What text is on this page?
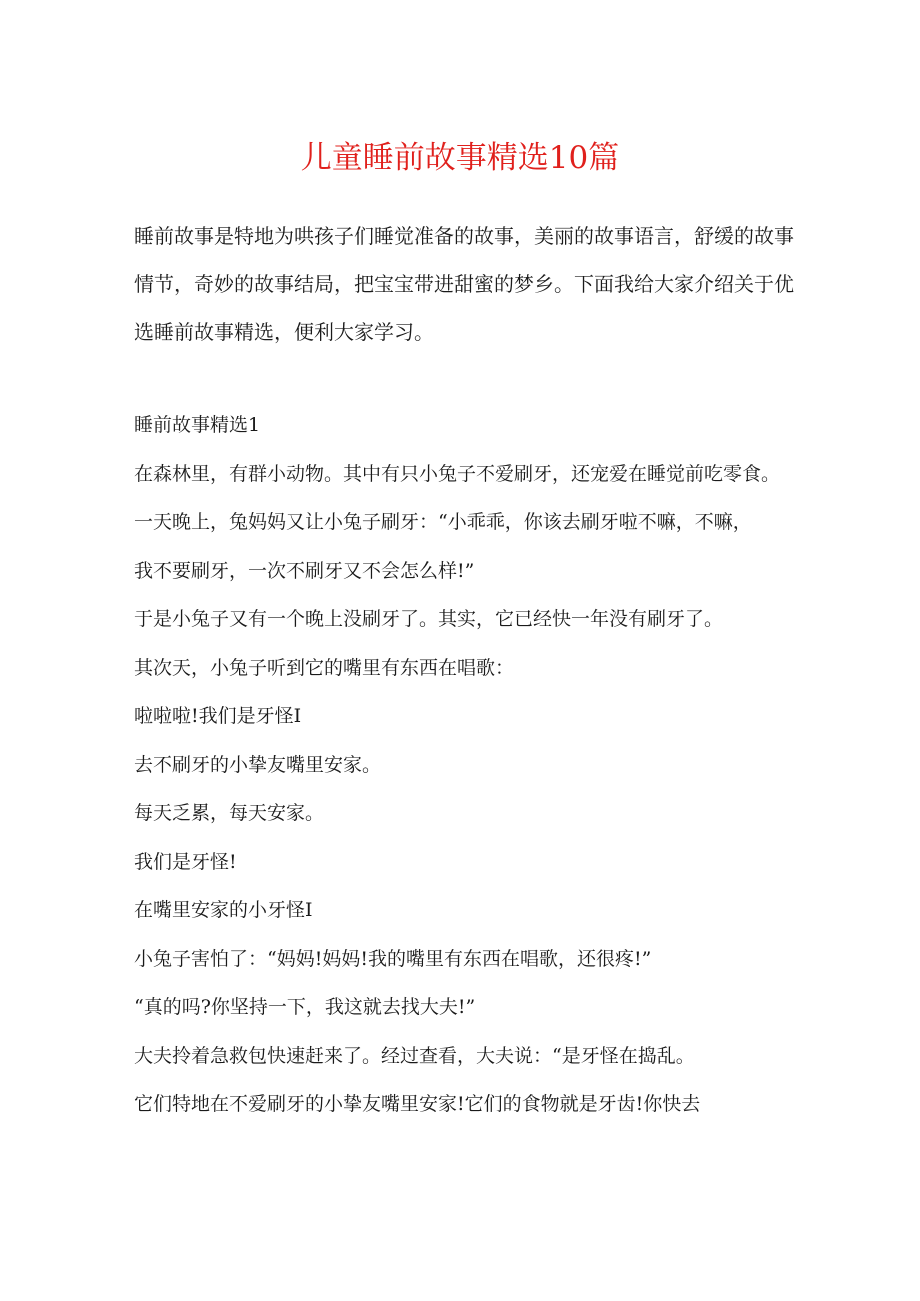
儿童睡前故事精选10篇

睡前故事是特地为哄孩子们睡觉准备的故事，美丽的故事语言，舒缓的故事情节，奇妙的故事结局，把宝宝带进甜蜜的梦乡。下面我给大家介绍关于优选睡前故事精选，便利大家学习。

睡前故事精选1

在森林里，有群小动物。其中有只小兔子不爱刷牙，还宠爱在睡觉前吃零食。

一天晚上，兔妈妈又让小兔子刷牙：“小乖乖，你该去刷牙啦不嘛，不嘛，

我不要刷牙，一次不刷牙又不会怎么样!”

于是小兔子又有一个晚上没刷牙了。其实，它已经快一年没有刷牙了。

其次天，小兔子听到它的嘴里有东西在唱歌：

啦啦啦!我们是牙怪I

去不刷牙的小挚友嘴里安家。

每天乏累，每天安家。

我们是牙怪!

在嘴里安家的小牙怪I

小兔子害怕了：“妈妈!妈妈!我的嘴里有东西在唱歌，还很疼!”

“真的吗?你坚持一下，我这就去找大夫!”

大夫拎着急救包快速赶来了。经过查看，大夫说：“是牙怪在捣乱。

它们特地在不爱刷牙的小挚友嘴里安家!它们的食物就是牙齿!你快去
